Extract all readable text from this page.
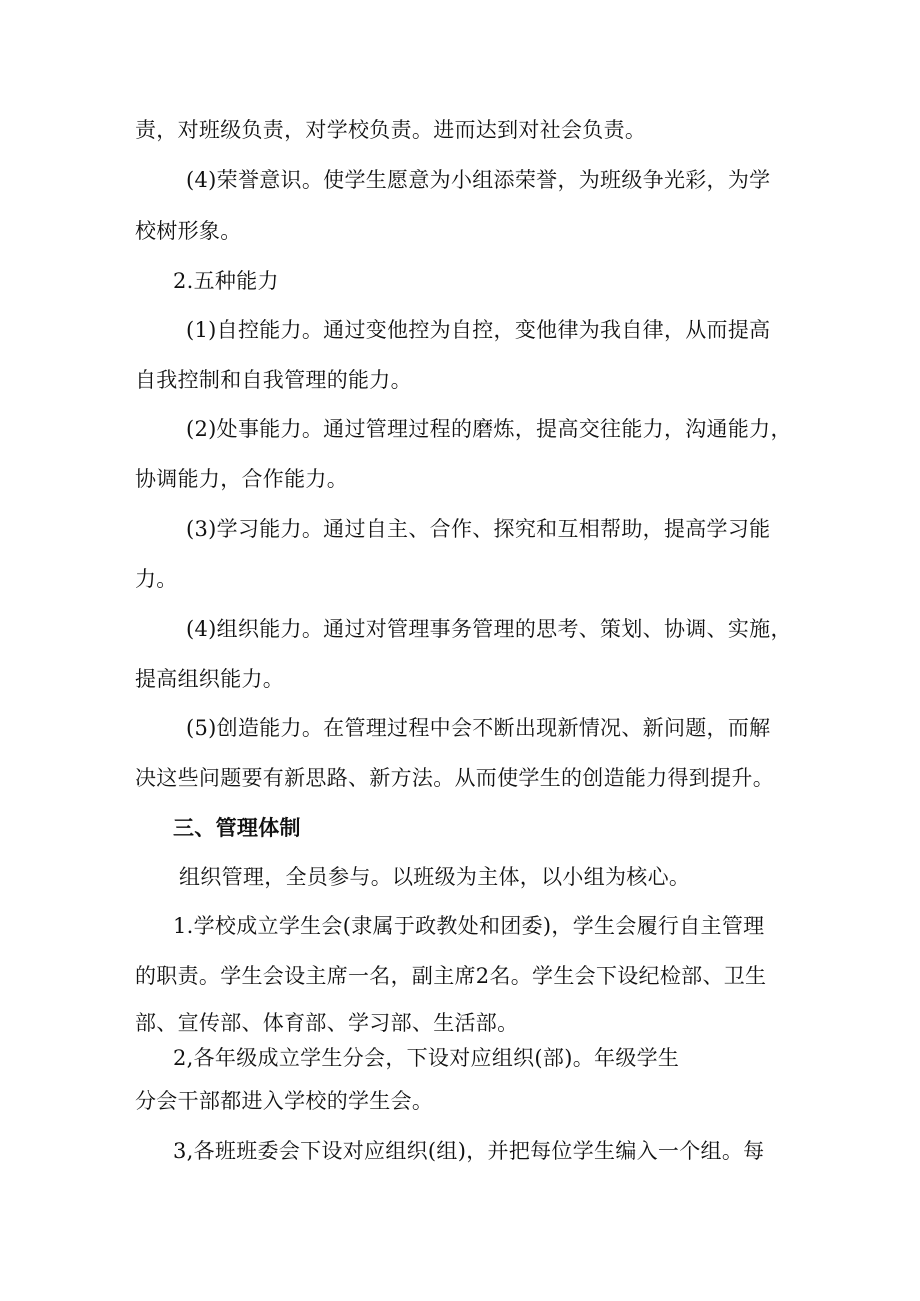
责，对班级负责，对学校负责。进而达到对社会负责。
(4)荣誉意识。使学生愿意为小组添荣誉，为班级争光彩，为学
校树形象。
2.五种能力
(1)自控能力。通过变他控为自控，变他律为我自律，从而提高
自我控制和自我管理的能力。
(2)处事能力。通过管理过程的磨炼，提高交往能力，沟通能力，
协调能力，合作能力。
(3)学习能力。通过自主、合作、探究和互相帮助，提高学习能
力。
(4)组织能力。通过对管理事务管理的思考、策划、协调、实施，
提高组织能力。
(5)创造能力。在管理过程中会不断出现新情况、新问题，而解
决这些问题要有新思路、新方法。从而使学生的创造能力得到提升。
三、管理体制
组织管理，全员参与。以班级为主体，以小组为核心。
1.学校成立学生会(隶属于政教处和团委)，学生会履行自主管理
的职责。学生会设主席一名，副主席2名。学生会下设纪检部、卫生
部、宣传部、体育部、学习部、生活部。
2,各年级成立学生分会，下设对应组织(部)。年级学生
分会干部都进入学校的学生会。
3,各班班委会下设对应组织(组)，并把每位学生编入一个组。每
